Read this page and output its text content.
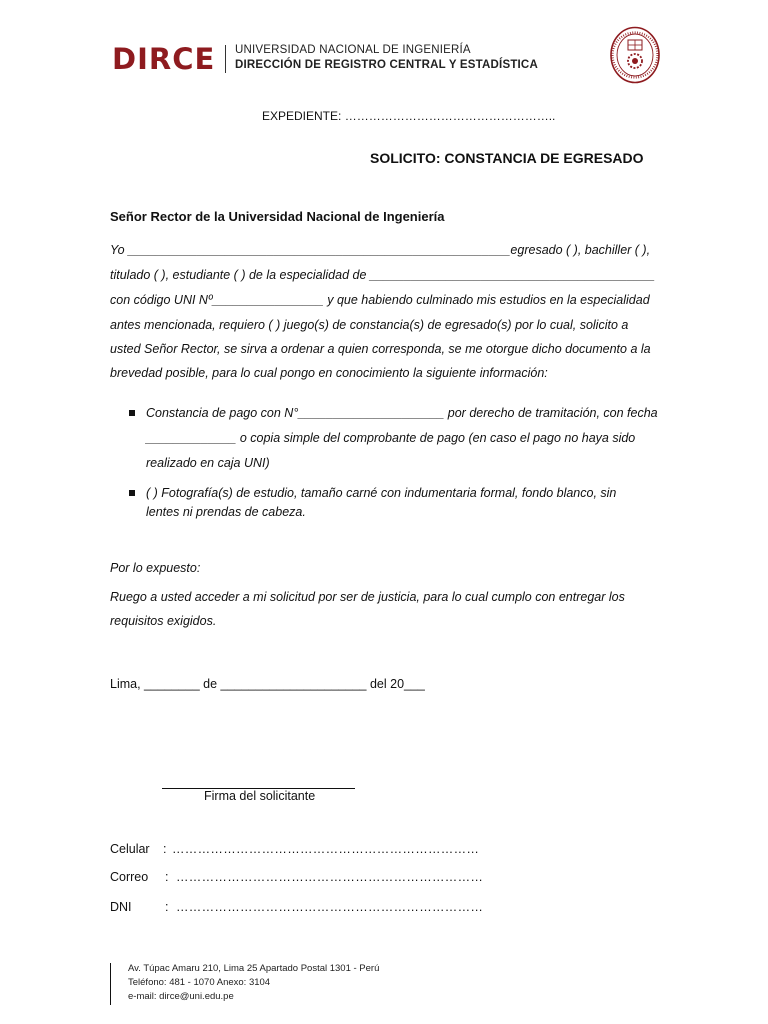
DIRCE UNIVERSIDAD NACIONAL DE INGENIERÍA
DIRECCIÓN DE REGISTRO CENTRAL Y ESTADÍSTICA
EXPEDIENTE: ……………………………………………..
SOLICITO: CONSTANCIA DE EGRESADO
Señor Rector de la Universidad Nacional de Ingeniería
Yo _______________________________________________________egresado ( ), bachiller ( ),
titulado ( ), estudiante ( ) de la especialidad de _________________________________________
con código UNI Nº________________ y que habiendo culminado mis estudios en la especialidad
antes mencionada, requiero ( ) juego(s) de constancia(s) de egresado(s) por lo cual, solicito a
usted Señor Rector, se sirva a ordenar a quien corresponda, se me otorgue dicho documento a la
brevedad posible, para lo cual pongo en conocimiento la siguiente información:
Constancia de pago con N°_____________________ por derecho de tramitación, con fecha
_____________ o copia simple del comprobante de pago (en caso el pago no haya sido
realizado en caja UNI)
( ) Fotografía(s) de estudio, tamaño carné con indumentaria formal, fondo blanco, sin
lentes ni prendas de cabeza.
Por lo expuesto:
Ruego a usted acceder a mi solicitud por ser de justicia, para lo cual cumplo con entregar los
requisitos exigidos.
Lima, ________ de _____________________ del 20___
Firma del solicitante
Celular : ………………………………………………………………
Correo : ………………………………………………………………
DNI	: ………………………………………………………………
Av. Túpac Amaru 210, Lima 25 Apartado Postal 1301 - Perú
Teléfono: 481 - 1070 Anexo: 3104
e-mail: dirce@uni.edu.pe
